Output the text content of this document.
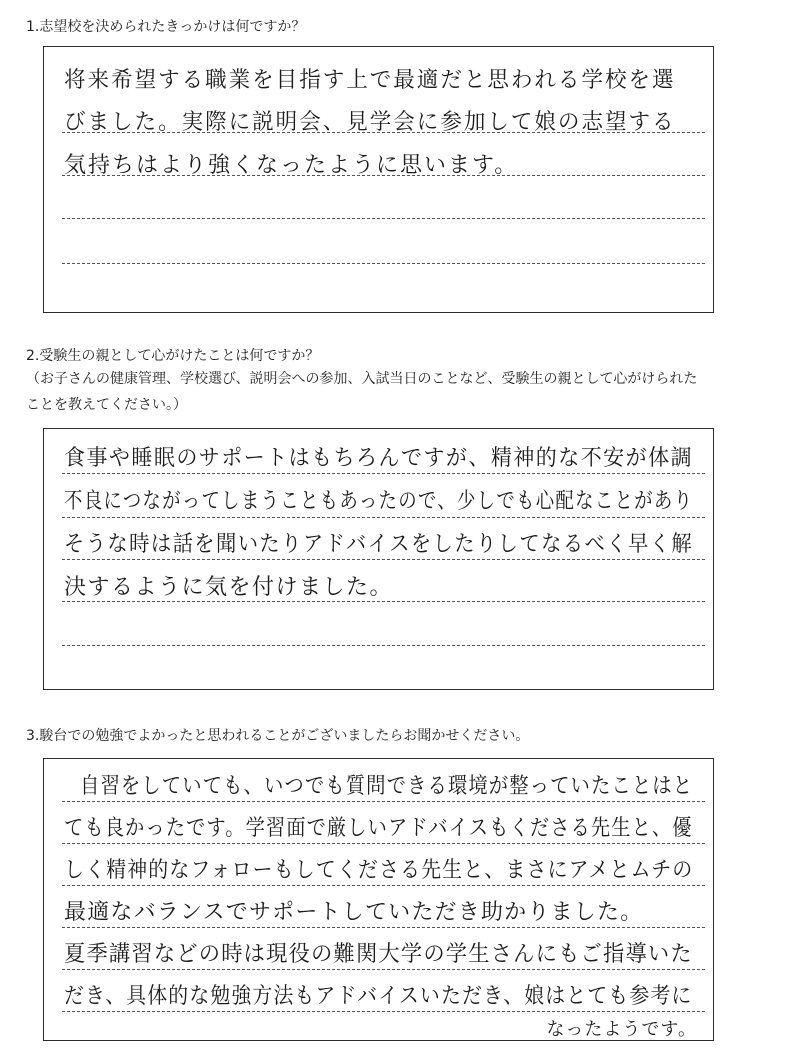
1.志望校を決められたきっかけは何ですか？
将来希望する職業を目指す上で最適だと思われる学校を選
びました。実際に説明会、見学会に参加して娘の志望する
気持ちはより強くなったように思います。
2.受験生の親として心がけたことは何ですか？

（お子さんの健康管理、学校選び、説明会への参加、入試当日のことなど、受験生の親として心がけられた

ことを教えてください。）

食事や睡眠のサポートはもちろんですが、精神的な不安が体調
不良につながってしまうこともあったので、少しでも心配なことがあり
そうな時は話を聞いたりアドバイスをしたりしてなるべく早く解
決するように気を付けました。
3.駿台での勉強でよかったと思われることがございましたらお聞かせください。
自習をしていても、いつでも質問できる環境が整っていたことはと
ても良かったです。学習面で厳しいアドバイスもくださる先生と、優
しく精神的なフォローもしてくださる先生と、まさにアメとムチの
最適なバランスでサポートしていただき助かりました。
夏季講習などの時は現役の難関大学の学生さんにもご指導いた
だき、具体的な勉強方法もアドバイスいただき、娘はとても参考に
なったようです。
